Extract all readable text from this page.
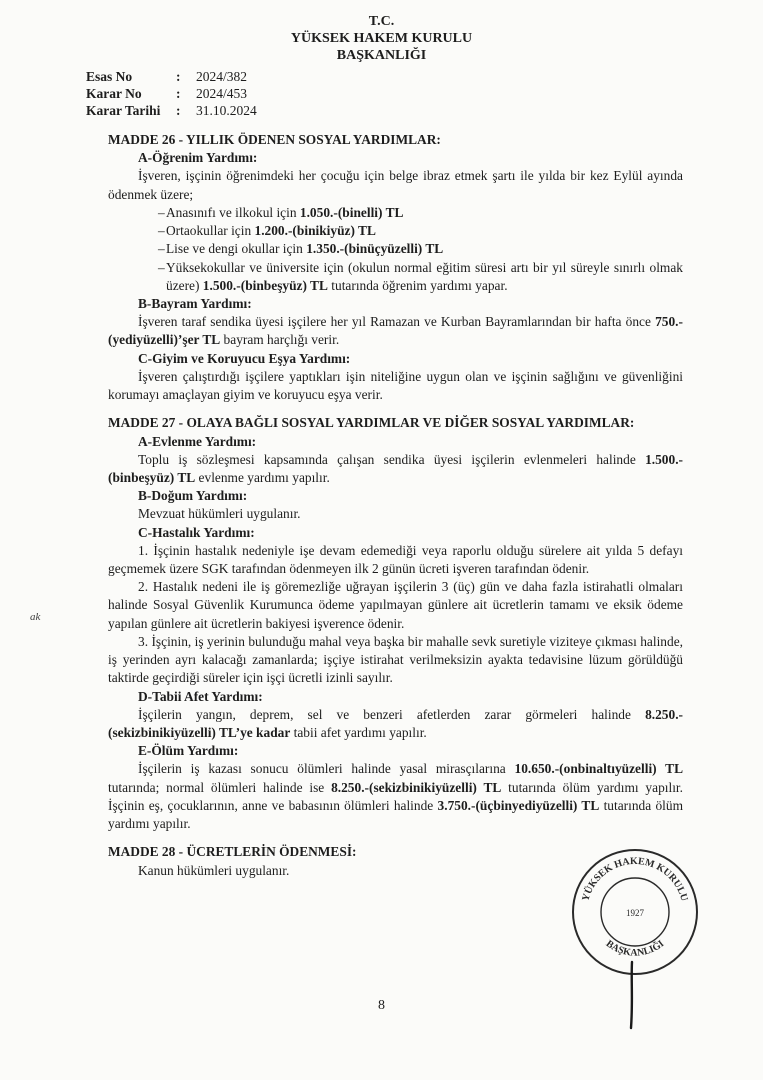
T.C.
YÜKSEK HAKEM KURULU
BAŞKANLIĞI
Esas No	: 2024/382
Karar No	: 2024/453
Karar Tarihi : 31.10.2024

MADDE 26 - YILLIK ÖDENEN SOSYAL YARDIMLAR:

A-Öğrenim Yardımı:

İşveren, işçinin öğrenimdeki her çocuğu için belge ibraz etmek şartı ile yılda bir kez Eylül ayında ödenmek üzere;

– Anasınıfı ve ilkokul için 1.050.-(binelli) TL
– Ortaokullar için 1.200.-(binikiyüz) TL
– Lise ve dengi okullar için 1.350.-(binüçyüzelli) TL
– Yüksekokullar ve üniversite için (okulun normal eğitim süresi artı bir yıl süreyle sınırlı olmak üzere) 1.500.-(binbeşyüz) TL tutarında öğrenim yardımı yapar.

B-Bayram Yardımı:

İşveren taraf sendika üyesi işçilere her yıl Ramazan ve Kurban Bayramlarından bir hafta önce 750.-(yediyüzelli)’şer TL bayram harçlığı verir.

C-Giyim ve Koruyucu Eşya Yardımı:

İşveren çalıştırdığı işçilere yaptıkları işin niteliğine uygun olan ve işçinin sağlığını ve güvenliğini korumayı amaçlayan giyim ve koruyucu eşya verir.

MADDE 27 - OLAYA BAĞLI SOSYAL YARDIMLAR VE DİĞER SOSYAL YARDIMLAR:

A-Evlenme Yardımı:

Toplu iş sözleşmesi kapsamında çalışan sendika üyesi işçilerin evlenmeleri halinde 1.500.-(binbeşyüz) TL evlenme yardımı yapılır.

B-Doğum Yardımı:

Mevzuat hükümleri uygulanır.

C-Hastalık Yardımı:

1. İşçinin hastalık nedeniyle işe devam edemediği veya raporlu olduğu sürelere ait yılda 5 defayı geçmemek üzere SGK tarafından ödenmeyen ilk 2 günün ücreti işveren tarafından ödenir.

2. Hastalık nedeni ile iş göremezliğe uğrayan işçilerin 3 (üç) gün ve daha fazla istirahatli olmaları halinde Sosyal Güvenlik Kurumunca ödeme yapılmayan günlere ait ücretlerin tamamı ve eksik ödeme yapılan günlere ait ücretlerin bakiyesi işverence ödenir.

3. İşçinin, iş yerinin bulunduğu mahal veya başka bir mahalle sevk suretiyle viziteye çıkması halinde, iş yerinden ayrı kalacağı zamanlarda; işçiye istirahat verilmeksizin ayakta tedavisine lüzum görüldüğü taktirde geçirdiği süreler için işçi ücretli izinli sayılır.

D-Tabii Afet Yardımı:

İşçilerin yangın, deprem, sel ve benzeri afetlerden zarar görmeleri halinde 8.250.-(sekizbinikiyüzelli) TL’ye kadar tabii afet yardımı yapılır.

E-Ölüm Yardımı:

İşçilerin iş kazası sonucu ölümleri halinde yasal mirasçılarına 10.650.-(onbinaltıyüzelli) TL tutarında; normal ölümleri halinde ise 8.250.-(sekizbinikiyüzelli) TL tutarında ölüm yardımı yapılır. İşçinin eş, çocuklarının, anne ve babasının ölümleri halinde 3.750.-(üçbinyediyüzelli) TL tutarında ölüm yardımı yapılır.

MADDE 28 - ÜCRETLERİN ÖDENMESİ:

Kanun hükümleri uygulanır.

ak
YÜKSEK HAKEM KURULU
BAŞKANLIĞI
1927
8
